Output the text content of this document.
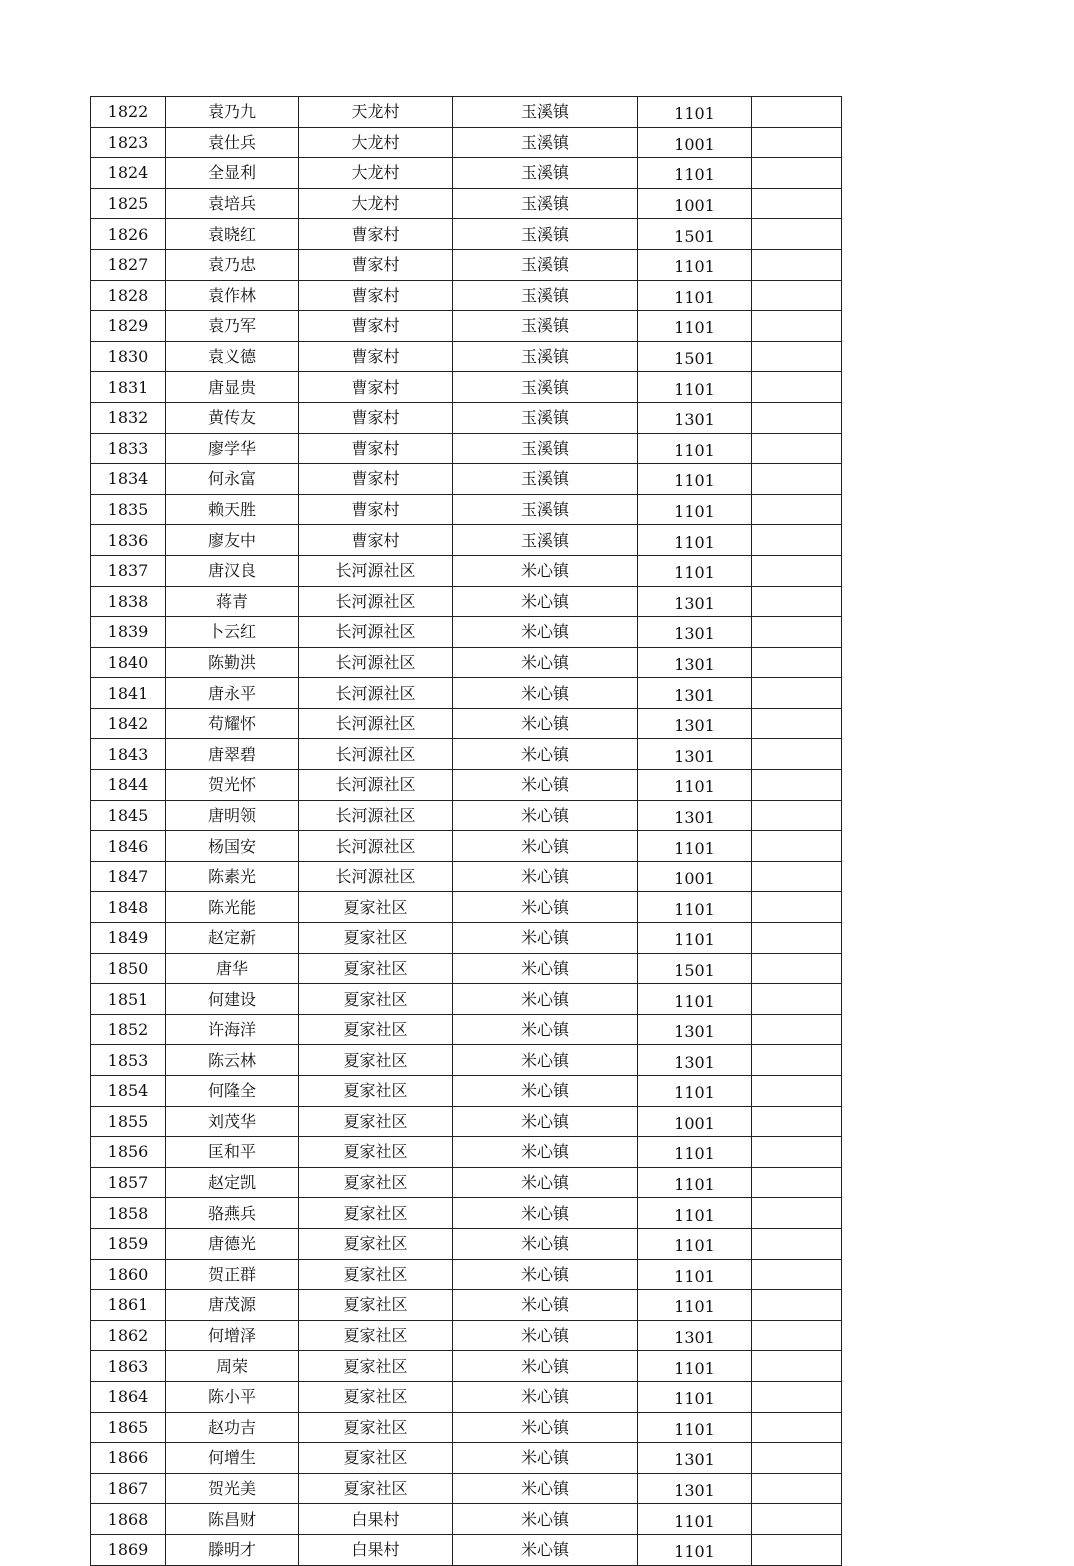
1822	袁乃九	天龙村	玉溪镇	1101	
1823	袁仕兵	大龙村	玉溪镇	1001	
1824	全显利	大龙村	玉溪镇	1101	
1825	袁培兵	大龙村	玉溪镇	1001	
1826	袁晓红	曹家村	玉溪镇	1501	
1827	袁乃忠	曹家村	玉溪镇	1101	
1828	袁作林	曹家村	玉溪镇	1101	
1829	袁乃军	曹家村	玉溪镇	1101	
1830	袁义德	曹家村	玉溪镇	1501	
1831	唐显贵	曹家村	玉溪镇	1101	
1832	黄传友	曹家村	玉溪镇	1301	
1833	廖学华	曹家村	玉溪镇	1101	
1834	何永富	曹家村	玉溪镇	1101	
1835	赖天胜	曹家村	玉溪镇	1101	
1836	廖友中	曹家村	玉溪镇	1101	
1837	唐汉良	长河源社区	米心镇	1101	
1838	蒋青	长河源社区	米心镇	1301	
1839	卜云红	长河源社区	米心镇	1301	
1840	陈勤洪	长河源社区	米心镇	1301	
1841	唐永平	长河源社区	米心镇	1301	
1842	苟耀怀	长河源社区	米心镇	1301	
1843	唐翠碧	长河源社区	米心镇	1301	
1844	贺光怀	长河源社区	米心镇	1101	
1845	唐明领	长河源社区	米心镇	1301	
1846	杨国安	长河源社区	米心镇	1101	
1847	陈素光	长河源社区	米心镇	1001	
1848	陈光能	夏家社区	米心镇	1101	
1849	赵定新	夏家社区	米心镇	1101	
1850	唐华	夏家社区	米心镇	1501	
1851	何建设	夏家社区	米心镇	1101	
1852	许海洋	夏家社区	米心镇	1301	
1853	陈云林	夏家社区	米心镇	1301	
1854	何隆全	夏家社区	米心镇	1101	
1855	刘茂华	夏家社区	米心镇	1001	
1856	匡和平	夏家社区	米心镇	1101	
1857	赵定凯	夏家社区	米心镇	1101	
1858	骆燕兵	夏家社区	米心镇	1101	
1859	唐德光	夏家社区	米心镇	1101	
1860	贺正群	夏家社区	米心镇	1101	
1861	唐茂源	夏家社区	米心镇	1101	
1862	何增泽	夏家社区	米心镇	1301	
1863	周荣	夏家社区	米心镇	1101	
1864	陈小平	夏家社区	米心镇	1101	
1865	赵功吉	夏家社区	米心镇	1101	
1866	何增生	夏家社区	米心镇	1301	
1867	贺光美	夏家社区	米心镇	1301	
1868	陈昌财	白果村	米心镇	1101	
1869	滕明才	白果村	米心镇	1101	
